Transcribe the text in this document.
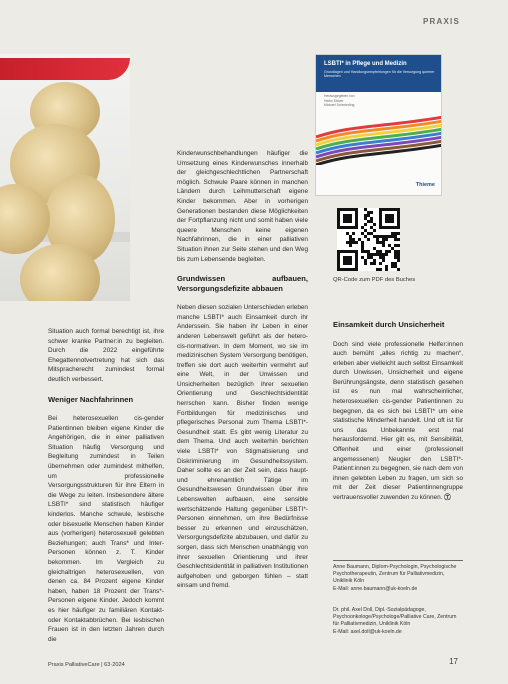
PRAXIS
LSBTI* in Pflege und Medizin
Grundlagen und Handlungsempfehlungen für die Versorgung queerer Menschen
Herausgegeben von
Heiko Stöver
Michael Schmieding
Thieme
QR-Code zum PDF des Buches

Situation auch formal berechtigt ist, ihre schwer kranke Partner:in zu begleiten. Durch die 2022 eingeführte Ehegattennotvertretung hat sich das Mitspracherecht zumindest formal deutlich verbessert.

Weniger Nachfahrinnen

Bei heterosexuellen cis-gender Patientinnen bleiben eigene Kinder die Angehörigen, die in einer palliativen Situation häufig Versorgung und Begleitung zumindest in Teilen übernehmen oder zumindest mithelfen, um professionelle Versorgungsstrukturen für ihre Eltern in die Wege zu leiten. Insbesondere ältere LSBTI* sind statistisch häufiger kinderlos. Manche schwule, lesbische oder bisexuelle Menschen haben Kinder aus (vorherigen) heterosexuell gelebten Beziehungen; auch Trans* und Inter-Personen können z. T. Kinder bekommen. Im Vergleich zu gleichaltrigen heterosexuellen, von denen ca. 84 Prozent eigene Kinder haben, haben 18 Prozent der Trans*-Personen eigene Kinder. Jedoch kommt es hier häufiger zu familiären Kontakt- oder Kontaktabbrüchen. Bei lesbischen Frauen ist in den letzten Jahren durch die

Kinderwunschbehandlungen häufiger die Umsetzung eines Kinderwunsches innerhalb der gleichgeschlechtlichen Partnerschaft möglich. Schwule Paare können in manchen Ländern durch Leihmutterschaft eigene Kinder bekommen. Aber in vorherigen Generationen bestanden diese Möglichkeiten der Fortpflanzung nicht und somit haben viele queere Menschen keine eigenen Nachfahrinnen, die in einer palliativen Situation ihnen zur Seite stehen und den Weg bis zum Lebensende begleiten.

Grundwissen aufbauen, Versorgungsdefizite abbauen

Neben diesen sozialen Unterschieden erleben manche LSBTI* auch Einsamkeit durch ihr Anderssein. Sie haben ihr Leben in einer anderen Lebenswelt geführt als der hetero-cis-normativen. In dem Moment, wo sie im medizinischen System Versorgung benötigen, treffen sie dort auch weiterhin vermehrt auf eine Welt, in der Unwissen und Unsicherheiten bezüglich ihrer sexuellen Orientierung und Geschlechtsidentität herrschen kann. Bisher finden wenige Fortbildungen für medizinisches und pflegerisches Personal zum Thema LSBTI*-Gesundheit statt. Es gibt wenig Literatur zu dem Thema. Und auch weiterhin berichten viele LSBTI* von Stigmatisierung und Diskriminierung im Gesundheitssystem. Daher sollte es an der Zeit sein, dass haupt- und ehrenamtlich Tätige im Gesundheitswesen Grundwissen über ihre Lebenswelten aufbauen, eine sensible wertschätzende Haltung gegenüber LSBTI*-Personen einnehmen, um ihre Bedürfnisse besser zu erkennen und einzuschätzen, Versorgungsdefizite abzubauen, und dafür zu sorgen, dass sich Menschen unabhängig von ihrer sexuellen Orientierung und ihrer Geschlechtsidentität in palliativen Institutionen aufgehoben und geborgen fühlen – statt einsam und fremd.

Einsamkeit durch Unsicherheit

Doch sind viele professionelle Helfer:innen auch bemüht „alles richtig zu machen“, erleben aber vielleicht auch selbst Einsamkeit durch Unwissen, Unsicherheit und eigene Berührungsängste, denn statistisch gesehen ist es nun mal wahrscheinlicher, heterosexuellen cis-gender Patientinnen zu begegnen, da es sich bei LSBTI* um eine statistische Minderheit handelt. Und oft ist für uns das Unbekannte erst mal herausfordernd. Hier gilt es, mit Sensibilität, Offenheit und einer (professionell angemessenen) Neugier den LSBTI*-Patient:innen zu begegnen, sie nach dem von ihnen gelebten Leben zu fragen, um sich so mit der Zeit dieser Patientinnengruppe vertrauensvoller zuwenden zu können. Ⓣ

Anne Baumann, Diplom-Psychologin, Psychologische Psychotherapeutin, Zentrum für Palliativmedizin, Uniklinik Köln
E-Mail: anne.baumann@uk-koeln.de
Dr. phil. Axel Doll, Dipl.-Sozialpädagoge, Psychoonkologe/Psychologe/Palliative Care, Zentrum für Palliativmedizin, Uniklinik Köln
E-Mail: axel.doll@uk-koeln.de
Praxis PalliativeCare | 63·2024	17
